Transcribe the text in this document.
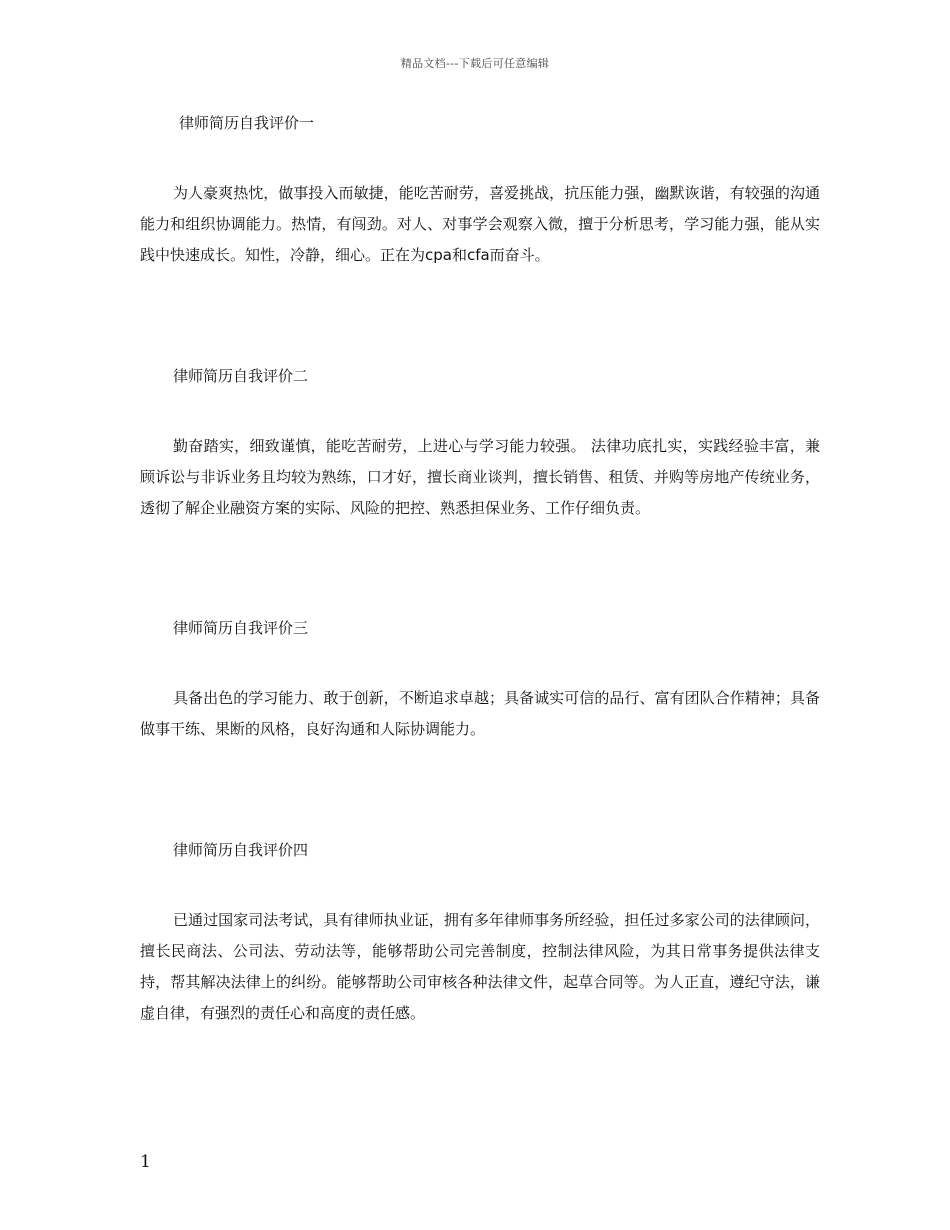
精品文档---下载后可任意编辑
律师简历自我评价一

为人豪爽热忱，做事投入而敏捷，能吃苦耐劳，喜爱挑战，抗压能力强，幽默诙谐，有较强的沟通能力和组织协调能力。热情，有闯劲。对人、对事学会观察入微，擅于分析思考，学习能力强，能从实践中快速成长。知性，冷静，细心。正在为cpa和cfa而奋斗。

律师简历自我评价二

勤奋踏实，细致谨慎，能吃苦耐劳，上进心与学习能力较强。 法律功底扎实，实践经验丰富，兼顾诉讼与非诉业务且均较为熟练，口才好，擅长商业谈判，擅长销售、租赁、并购等房地产传统业务，透彻了解企业融资方案的实际、风险的把控、熟悉担保业务、工作仔细负责。

律师简历自我评价三

具备出色的学习能力、敢于创新，不断追求卓越；具备诚实可信的品行、富有团队合作精神；具备做事干练、果断的风格，良好沟通和人际协调能力。

律师简历自我评价四

已通过国家司法考试，具有律师执业证，拥有多年律师事务所经验，担任过多家公司的法律顾问，擅长民商法、公司法、劳动法等，能够帮助公司完善制度，控制法律风险，为其日常事务提供法律支持，帮其解决法律上的纠纷。能够帮助公司审核各种法律文件，起草合同等。为人正直，遵纪守法，谦虚自律，有强烈的责任心和高度的责任感。

1
